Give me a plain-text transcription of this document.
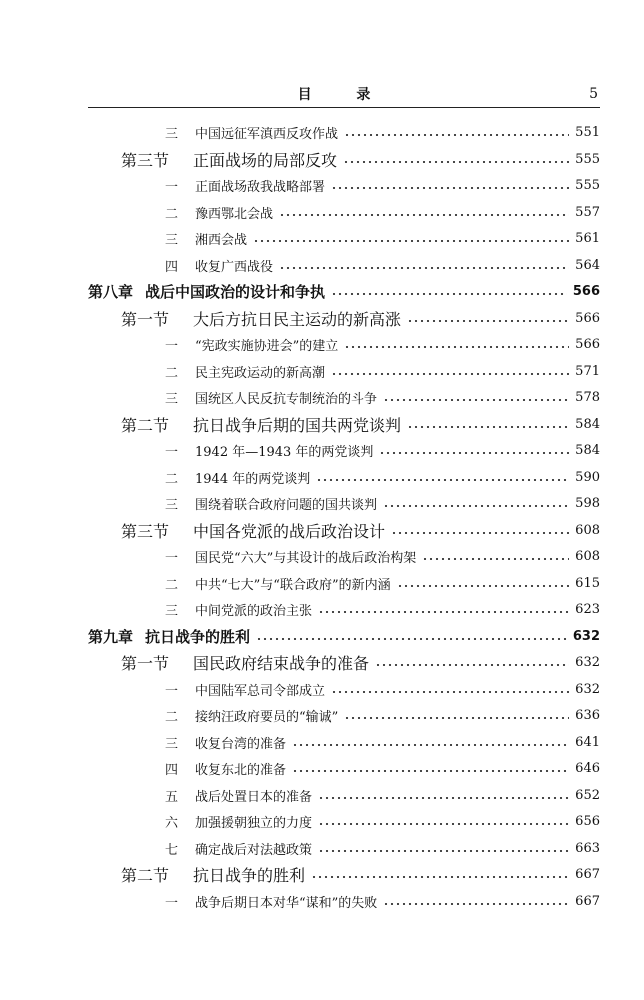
目 录	5
三 中国远征军滇西反攻作战	551
第三节 正面战场的局部反攻	555
一 正面战场敌我战略部署	555
二 豫西鄂北会战	557
三 湘西会战	561
四 收复广西战役	564
第八章 战后中国政治的设计和争执	566
第一节 大后方抗日民主运动的新高涨	566
一 “宪政实施协进会”的建立	566
二 民主宪政运动的新高潮	571
三 国统区人民反抗专制统治的斗争	578
第二节 抗日战争后期的国共两党谈判	584
一 1942 年—1943 年的两党谈判	584
二 1944 年的两党谈判	590
三 围绕着联合政府问题的国共谈判	598
第三节 中国各党派的战后政治设计	608
一 国民党“六大”与其设计的战后政治构架	608
二 中共“七大”与“联合政府”的新内涵	615
三 中间党派的政治主张	623
第九章 抗日战争的胜利	632
第一节 国民政府结束战争的准备	632
一 中国陆军总司令部成立	632
二 接纳汪政府要员的“输诚”	636
三 收复台湾的准备	641
四 收复东北的准备	646
五 战后处置日本的准备	652
六 加强援朝独立的力度	656
七 确定战后对法越政策	663
第二节 抗日战争的胜利	667
一 战争后期日本对华“谋和”的失败	667
